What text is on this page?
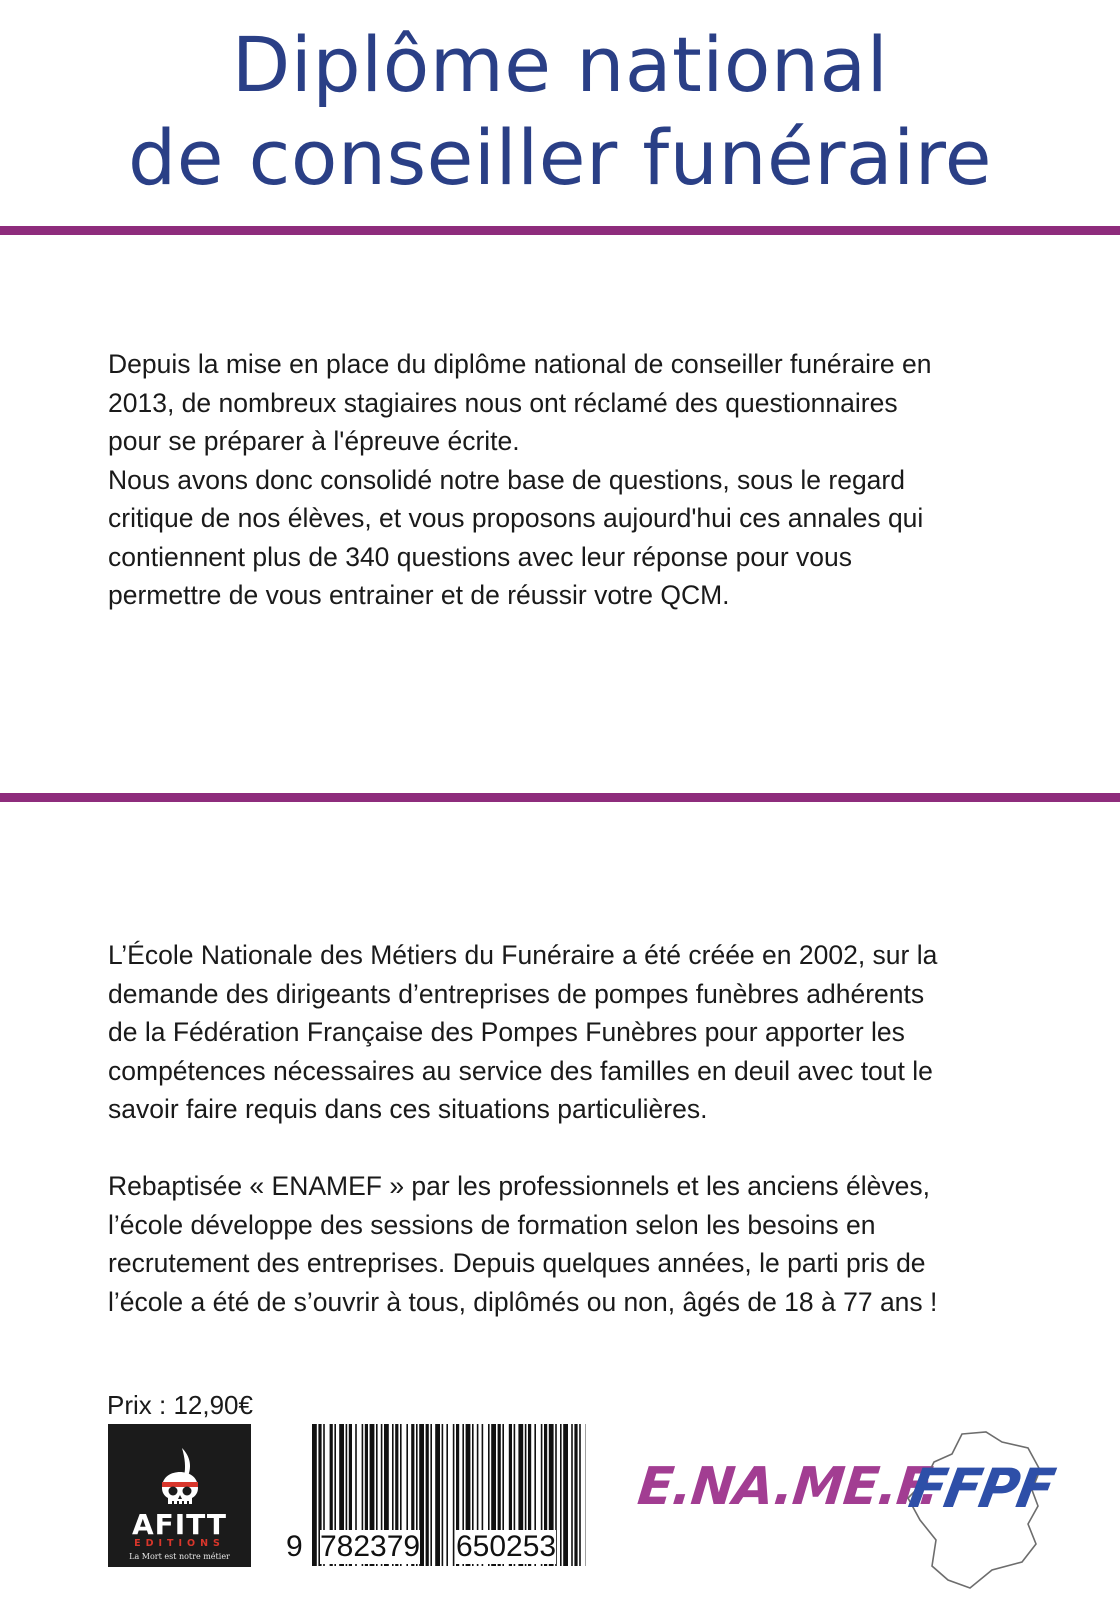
Diplôme national
de conseiller funéraire

Depuis la mise en place du diplôme national de conseiller funéraire en

2013, de nombreux stagiaires nous ont réclamé des questionnaires

pour se préparer à l'épreuve écrite.

Nous avons donc consolidé notre base de questions, sous le regard

critique de nos élèves, et vous proposons aujourd'hui ces annales qui

contiennent plus de 340 questions avec leur réponse pour vous

permettre de vous entrainer et de réussir votre QCM.

L’École Nationale des Métiers du Funéraire a été créée en 2002, sur la

demande des dirigeants d’entreprises de pompes funèbres adhérents

de la Fédération Française des Pompes Funèbres pour apporter les

compétences nécessaires au service des familles en deuil avec tout le

savoir faire requis dans ces situations particulières.

Rebaptisée « ENAMEF » par les professionnels et les anciens élèves,

l’école développe des sessions de formation selon les besoins en

recrutement des entreprises. Depuis quelques années, le parti pris de

l’école a été de s’ouvrir à tous, diplômés ou non, âgés de 18 à 77 ans !

Prix : 12,90€
AFITT
EDITIONS
La Mort est notre métier	9 782379 650253
E.NA.ME.F.
FFPF
